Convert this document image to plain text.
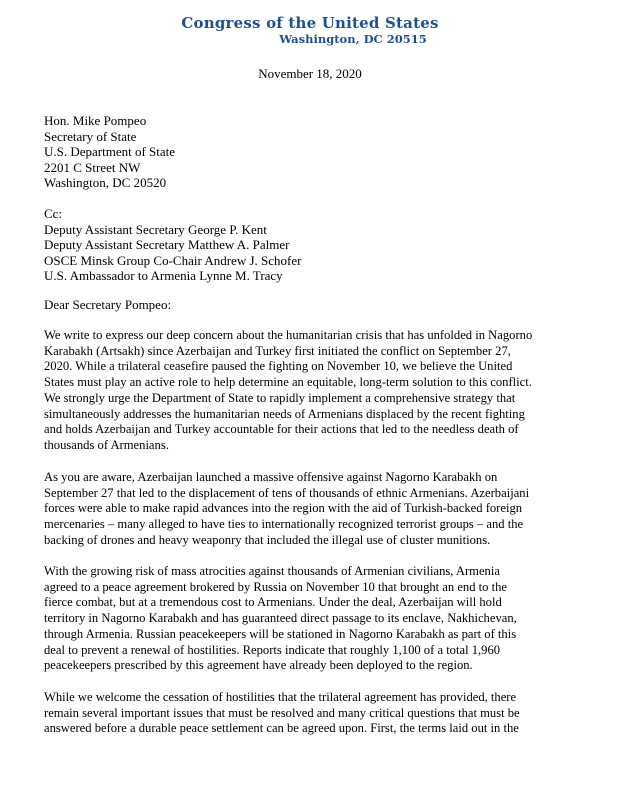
Congress of the United States
Washington, DC 20515
November 18, 2020
Hon. Mike Pompeo
Secretary of State
U.S. Department of State
2201 C Street NW
Washington, DC 20520
Cc:
Deputy Assistant Secretary George P. Kent
Deputy Assistant Secretary Matthew A. Palmer
OSCE Minsk Group Co-Chair Andrew J. Schofer
U.S. Ambassador to Armenia Lynne M. Tracy
Dear Secretary Pompeo:
We write to express our deep concern about the humanitarian crisis that has unfolded in Nagorno
Karabakh (Artsakh) since Azerbaijan and Turkey first initiated the conflict on September 27,
2020. While a trilateral ceasefire paused the fighting on November 10, we believe the United
States must play an active role to help determine an equitable, long-term solution to this conflict.
We strongly urge the Department of State to rapidly implement a comprehensive strategy that
simultaneously addresses the humanitarian needs of Armenians displaced by the recent fighting
and holds Azerbaijan and Turkey accountable for their actions that led to the needless death of
thousands of Armenians.
As you are aware, Azerbaijan launched a massive offensive against Nagorno Karabakh on
September 27 that led to the displacement of tens of thousands of ethnic Armenians. Azerbaijani
forces were able to make rapid advances into the region with the aid of Turkish-backed foreign
mercenaries – many alleged to have ties to internationally recognized terrorist groups – and the
backing of drones and heavy weaponry that included the illegal use of cluster munitions.
With the growing risk of mass atrocities against thousands of Armenian civilians, Armenia
agreed to a peace agreement brokered by Russia on November 10 that brought an end to the
fierce combat, but at a tremendous cost to Armenians. Under the deal, Azerbaijan will hold
territory in Nagorno Karabakh and has guaranteed direct passage to its enclave, Nakhichevan,
through Armenia. Russian peacekeepers will be stationed in Nagorno Karabakh as part of this
deal to prevent a renewal of hostilities. Reports indicate that roughly 1,100 of a total 1,960
peacekeepers prescribed by this agreement have already been deployed to the region.
While we welcome the cessation of hostilities that the trilateral agreement has provided, there
remain several important issues that must be resolved and many critical questions that must be
answered before a durable peace settlement can be agreed upon. First, the terms laid out in the
